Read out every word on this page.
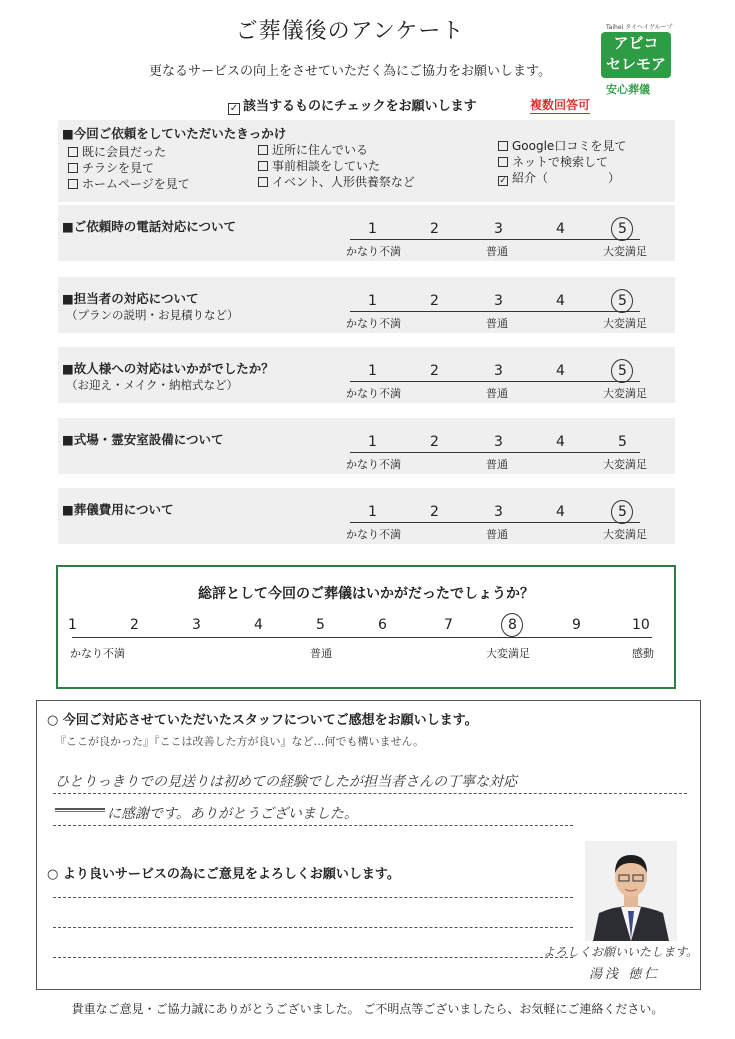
ご葬儀後のアンケート
更なるサービスの向上をさせていただく為にご協力をお願いします。
Taihei タイヘイグループ
アビコ
セレモア
安心葬儀
✓ 該当するものにチェックをお願いします	複数回答可
■今回ご依頼をしていただいたきっかけ
既に会員だった
チラシを見て
ホームページを見て
近所に住んでいる
事前相談をしていた
イベント、人形供養祭など
Google口コミを見て
ネットで検索して
✓ 紹介（　　　　　）
■ご依頼時の電話対応について	1	2	3	4	5
かなり不満	普通	大変満足
■担当者の対応について
（プランの説明・お見積りなど）
1	2	3	4	5
かなり不満	普通	大変満足
■故人様への対応はいかがでしたか？
（お迎え・メイク・納棺式など）
1	2	3	4	5
かなり不満	普通	大変満足
■式場・霊安室設備について	1	2	3	4	5
かなり不満	普通	大変満足
■葬儀費用について	1	2	3	4	5
かなり不満	普通	大変満足
総評として今回のご葬儀はいかがだったでしょうか？
1	2	3	4	5	6	7	8	9	10
かなり不満	普通	大変満足	感動
○ 今回ご対応させていただいたスタッフについてご感想をお願いします。
『ここが良かった』『ここは改善した方が良い』など…何でも構いません。
ひとりっきりでの見送りは初めての経験でしたが担当者さんの丁寧な対応
に感謝です。ありがとうございました。
○ より良いサービスの為にご意見をよろしくお願いします。
よろしくお願いいたします。
湯浅 徳仁
貴重なご意見・ご協力誠にありがとうございました。 ご不明点等ございましたら、お気軽にご連絡ください。
